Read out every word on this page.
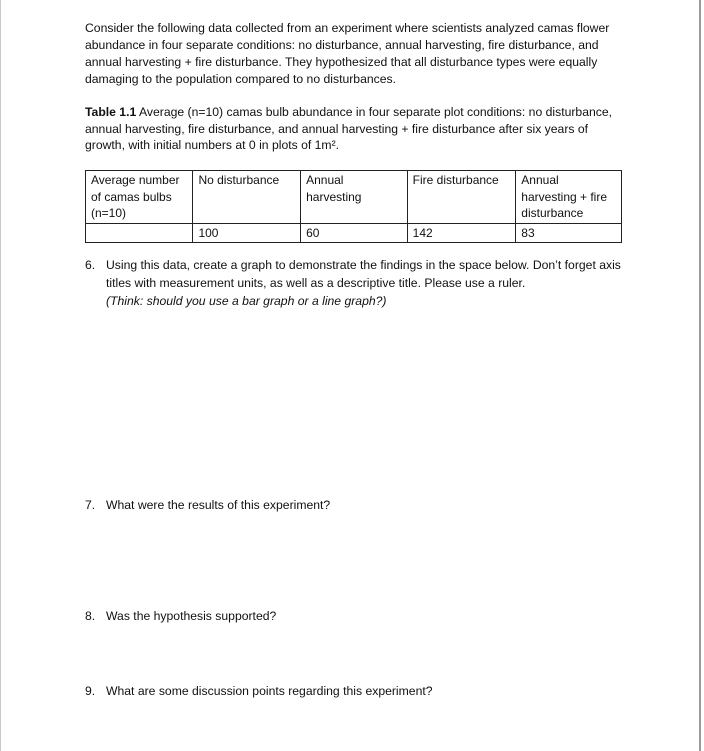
Consider the following data collected from an experiment where scientists analyzed camas flower abundance in four separate conditions: no disturbance, annual harvesting, fire disturbance, and annual harvesting + fire disturbance. They hypothesized that all disturbance types were equally damaging to the population compared to no disturbances.

Table 1.1 Average (n=10) camas bulb abundance in four separate plot conditions: no disturbance, annual harvesting, fire disturbance, and annual harvesting + fire disturbance after six years of growth, with initial numbers at 0 in plots of 1m².

Average number of camas bulbs (n=10)	No disturbance	Annual harvesting	Fire disturbance	Annual harvesting + fire disturbance
	100	60	142	83
6. Using this data, create a graph to demonstrate the findings in the space below. Don’t forget axis titles with measurement units, as well as a descriptive title. Please use a ruler.
(Think: should you use a bar graph or a line graph?)
7. What were the results of this experiment?
8. Was the hypothesis supported?
9. What are some discussion points regarding this experiment?
